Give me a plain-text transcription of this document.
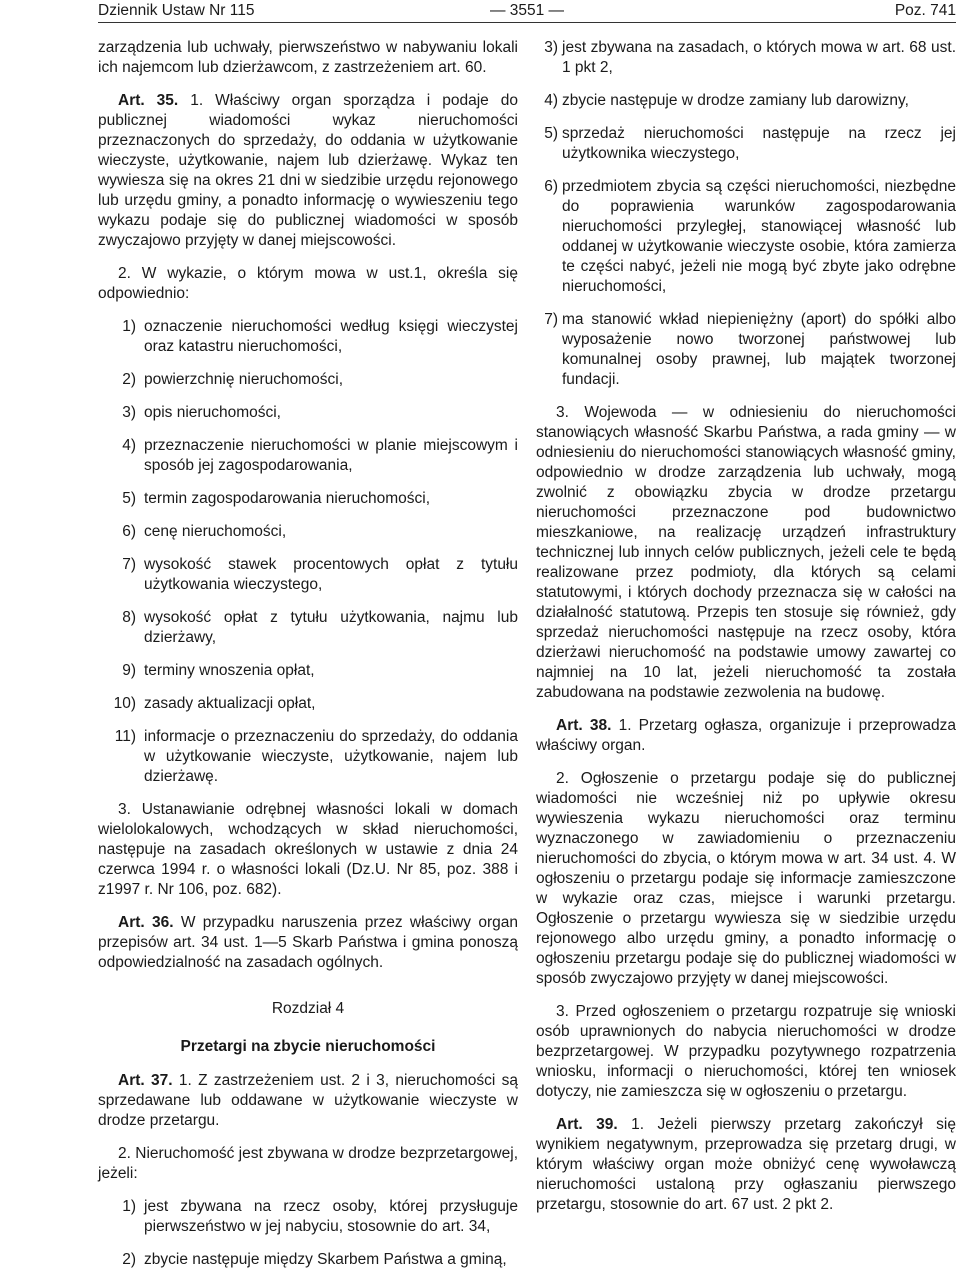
Dziennik Ustaw Nr 115	— 3551 —	Poz. 741

zarządzenia lub uchwały, pierwszeństwo w nabywaniu lokali ich najemcom lub dzierżawcom, z zastrzeżeniem art. 60.

Art. 35. 1. Właściwy organ sporządza i podaje do publicznej wiadomości wykaz nieruchomości przeznaczonych do sprzedaży, do oddania w użytkowanie wieczyste, użytkowanie, najem lub dzierżawę. Wykaz ten wywiesza się na okres 21 dni w siedzibie urzędu rejonowego lub urzędu gminy, a ponadto informację o wywieszeniu tego wykazu podaje się do publicznej wiadomości w sposób zwyczajowo przyjęty w danej miejscowości.

2. W wykazie, o którym mowa w ust.1, określa się odpowiednio:

1) oznaczenie nieruchomości według księgi wieczystej oraz katastru nieruchomości,
2) powierzchnię nieruchomości,
3) opis nieruchomości,
4) przeznaczenie nieruchomości w planie miejscowym i sposób jej zagospodarowania,
5) termin zagospodarowania nieruchomości,
6) cenę nieruchomości,
7) wysokość stawek procentowych opłat z tytułu użytkowania wieczystego,
8) wysokość opłat z tytułu użytkowania, najmu lub dzierżawy,
9) terminy wnoszenia opłat,
10) zasady aktualizacji opłat,
11) informacje o przeznaczeniu do sprzedaży, do oddania w użytkowanie wieczyste, użytkowanie, najem lub dzierżawę.

3. Ustanawianie odrębnej własności lokali w domach wielolokalowych, wchodzących w skład nieruchomości, następuje na zasadach określonych w ustawie z dnia 24 czerwca 1994 r. o własności lokali (Dz.U. Nr 85, poz. 388 i z1997 r. Nr 106, poz. 682).

Art. 36. W przypadku naruszenia przez właściwy organ przepisów art. 34 ust. 1—5 Skarb Państwa i gmina ponoszą odpowiedzialność na zasadach ogólnych.

Rozdział 4

Przetargi na zbycie nieruchomości

Art. 37. 1. Z zastrzeżeniem ust. 2 i 3, nieruchomości są sprzedawane lub oddawane w użytkowanie wieczyste w drodze przetargu.

2. Nieruchomość jest zbywana w drodze bezprzetargowej, jeżeli:

1) jest zbywana na rzecz osoby, której przysługuje pierwszeństwo w jej nabyciu, stosownie do art. 34,
2) zbycie następuje między Skarbem Państwa a gminą,
3) jest zbywana na zasadach, o których mowa w art. 68 ust. 1 pkt 2,
4) zbycie następuje w drodze zamiany lub darowizny,
5) sprzedaż nieruchomości następuje na rzecz jej użytkownika wieczystego,
6) przedmiotem zbycia są części nieruchomości, niezbędne do poprawienia warunków zagospodarowania nieruchomości przyległej, stanowiącej własność lub oddanej w użytkowanie wieczyste osobie, która zamierza te części nabyć, jeżeli nie mogą być zbyte jako odrębne nieruchomości,
7) ma stanowić wkład niepieniężny (aport) do spółki albo wyposażenie nowo tworzonej państwowej lub komunalnej osoby prawnej, lub majątek tworzonej fundacji.

3. Wojewoda — w odniesieniu do nieruchomości stanowiących własność Skarbu Państwa, a rada gminy — w odniesieniu do nieruchomości stanowiących własność gminy, odpowiednio w drodze zarządzenia lub uchwały, mogą zwolnić z obowiązku zbycia w drodze przetargu nieruchomości przeznaczone pod budownictwo mieszkaniowe, na realizację urządzeń infrastruktury technicznej lub innych celów publicznych, jeżeli cele te będą realizowane przez podmioty, dla których są celami statutowymi, i których dochody przeznacza się w całości na działalność statutową. Przepis ten stosuje się również, gdy sprzedaż nieruchomości następuje na rzecz osoby, która dzierżawi nieruchomość na podstawie umowy zawartej co najmniej na 10 lat, jeżeli nieruchomość ta została zabudowana na podstawie zezwolenia na budowę.

Art. 38. 1. Przetarg ogłasza, organizuje i przeprowadza właściwy organ.

2. Ogłoszenie o przetargu podaje się do publicznej wiadomości nie wcześniej niż po upływie okresu wywieszenia wykazu nieruchomości oraz terminu wyznaczonego w zawiadomieniu o przeznaczeniu nieruchomości do zbycia, o którym mowa w art. 34 ust. 4. W ogłoszeniu o przetargu podaje się informacje zamieszczone w wykazie oraz czas, miejsce i warunki przetargu. Ogłoszenie o przetargu wywiesza się w siedzibie urzędu rejonowego albo urzędu gminy, a ponadto informację o ogłoszeniu przetargu podaje się do publicznej wiadomości w sposób zwyczajowo przyjęty w danej miejscowości.

3. Przed ogłoszeniem o przetargu rozpatruje się wnioski osób uprawnionych do nabycia nieruchomości w drodze bezprzetargowej. W przypadku pozytywnego rozpatrzenia wniosku, informacji o nieruchomości, której ten wniosek dotyczy, nie zamieszcza się w ogłoszeniu o przetargu.

Art. 39. 1. Jeżeli pierwszy przetarg zakończył się wynikiem negatywnym, przeprowadza się przetarg drugi, w którym właściwy organ może obniżyć cenę wywoławczą nieruchomości ustaloną przy ogłaszaniu pierwszego przetargu, stosownie do art. 67 ust. 2 pkt 2.
